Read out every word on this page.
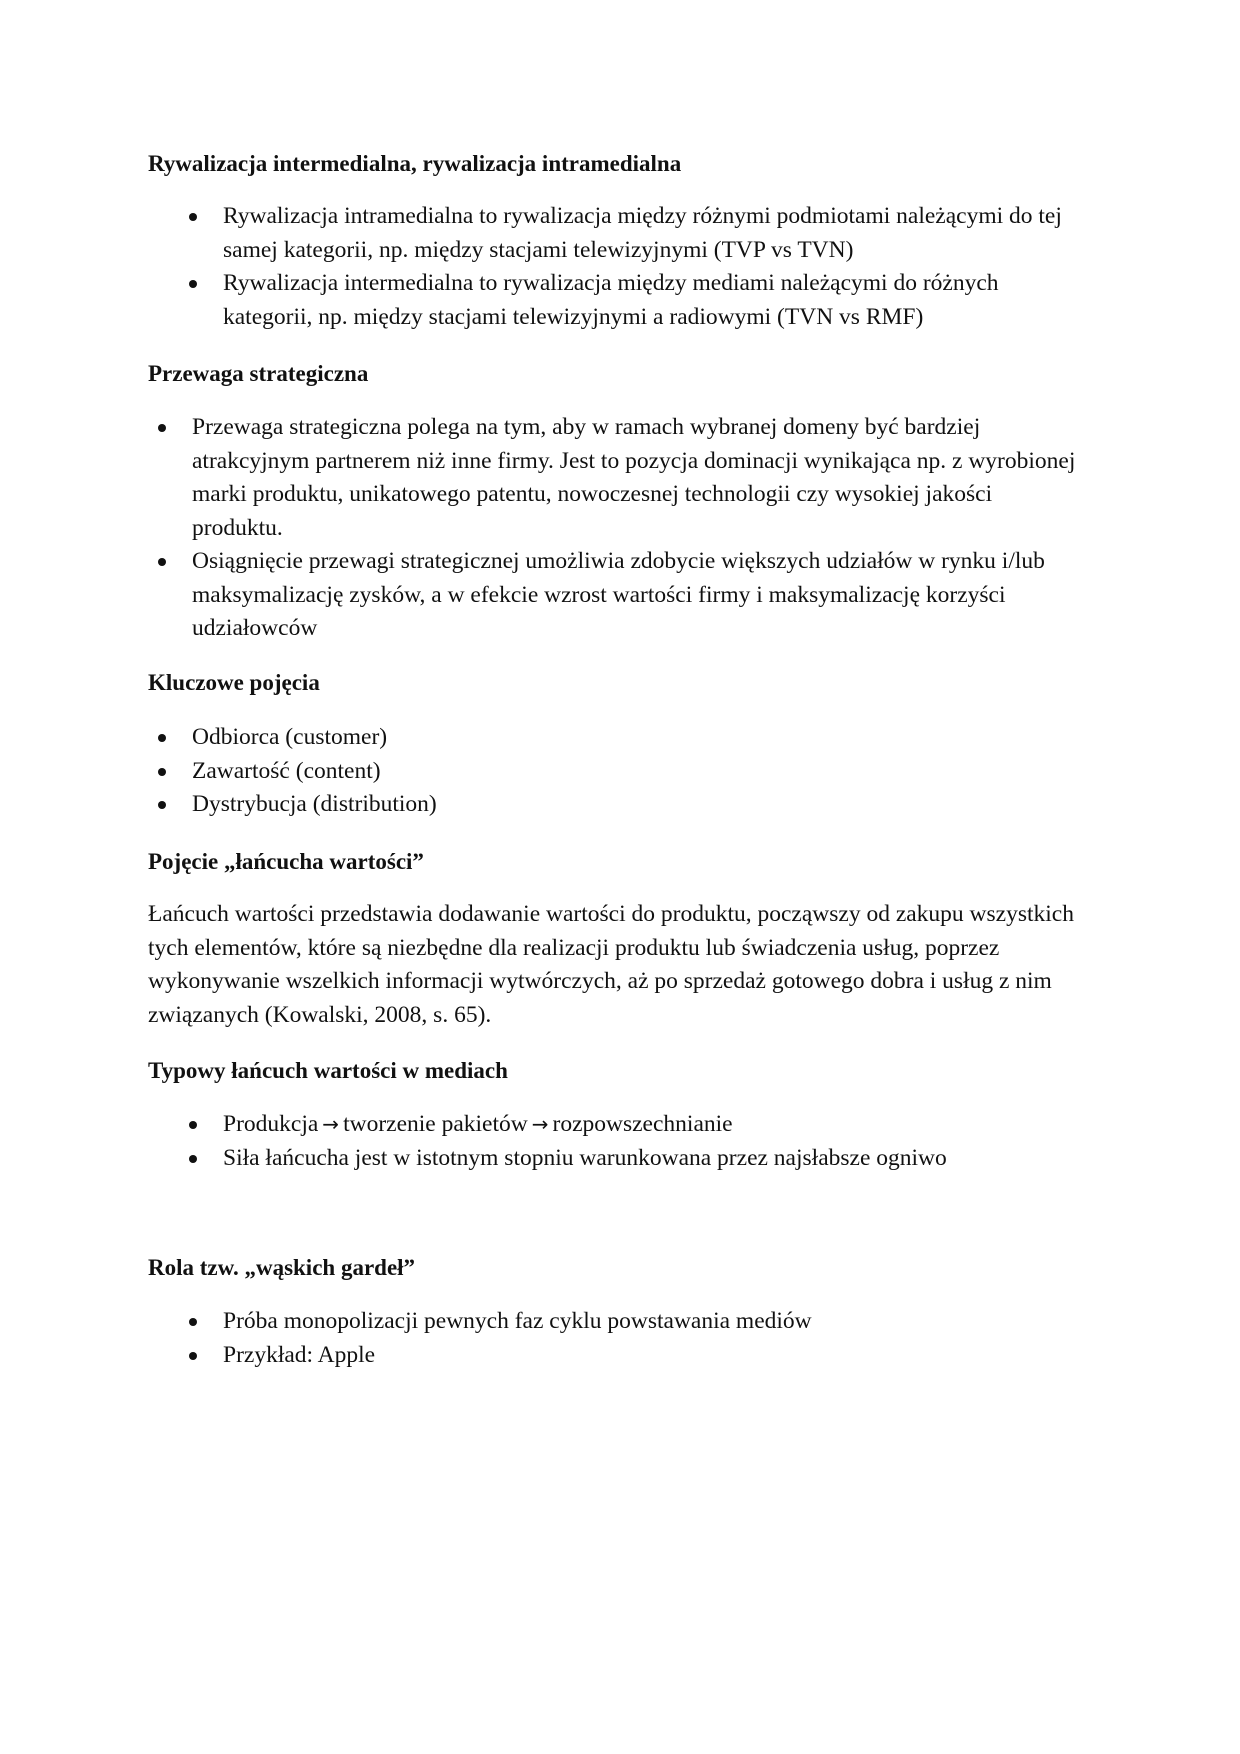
Rywalizacja intermedialna, rywalizacja intramedialna
Rywalizacja intramedialna to rywalizacja między różnymi podmiotami należącymi do tej samej kategorii, np. między stacjami telewizyjnymi (TVP vs TVN)
Rywalizacja intermedialna to rywalizacja między mediami należącymi do różnych kategorii, np. między stacjami telewizyjnymi a radiowymi (TVN vs RMF)
Przewaga strategiczna
Przewaga strategiczna polega na tym, aby w ramach wybranej domeny być bardziej atrakcyjnym partnerem niż inne firmy. Jest to pozycja dominacji wynikająca np. z wyrobionej marki produktu, unikatowego patentu, nowoczesnej technologii czy wysokiej jakości produktu.
Osiągnięcie przewagi strategicznej umożliwia zdobycie większych udziałów w rynku i/lub maksymalizację zysków, a w efekcie wzrost wartości firmy i maksymalizację korzyści udziałowców
Kluczowe pojęcia
Odbiorca (customer)
Zawartość (content)
Dystrybucja (distribution)
Pojęcie „łańcucha wartości”

Łańcuch wartości przedstawia dodawanie wartości do produktu, począwszy od zakupu wszystkich tych elementów, które są niezbędne dla realizacji produktu lub świadczenia usług, poprzez wykonywanie wszelkich informacji wytwórczych, aż po sprzedaż gotowego dobra i usług z nim związanych (Kowalski, 2008, s. 65).

Typowy łańcuch wartości w mediach
Produkcja → tworzenie pakietów → rozpowszechnianie
Siła łańcucha jest w istotnym stopniu warunkowana przez najsłabsze ogniwo
Rola tzw. „wąskich gardeł”
Próba monopolizacji pewnych faz cyklu powstawania mediów
Przykład: Apple
